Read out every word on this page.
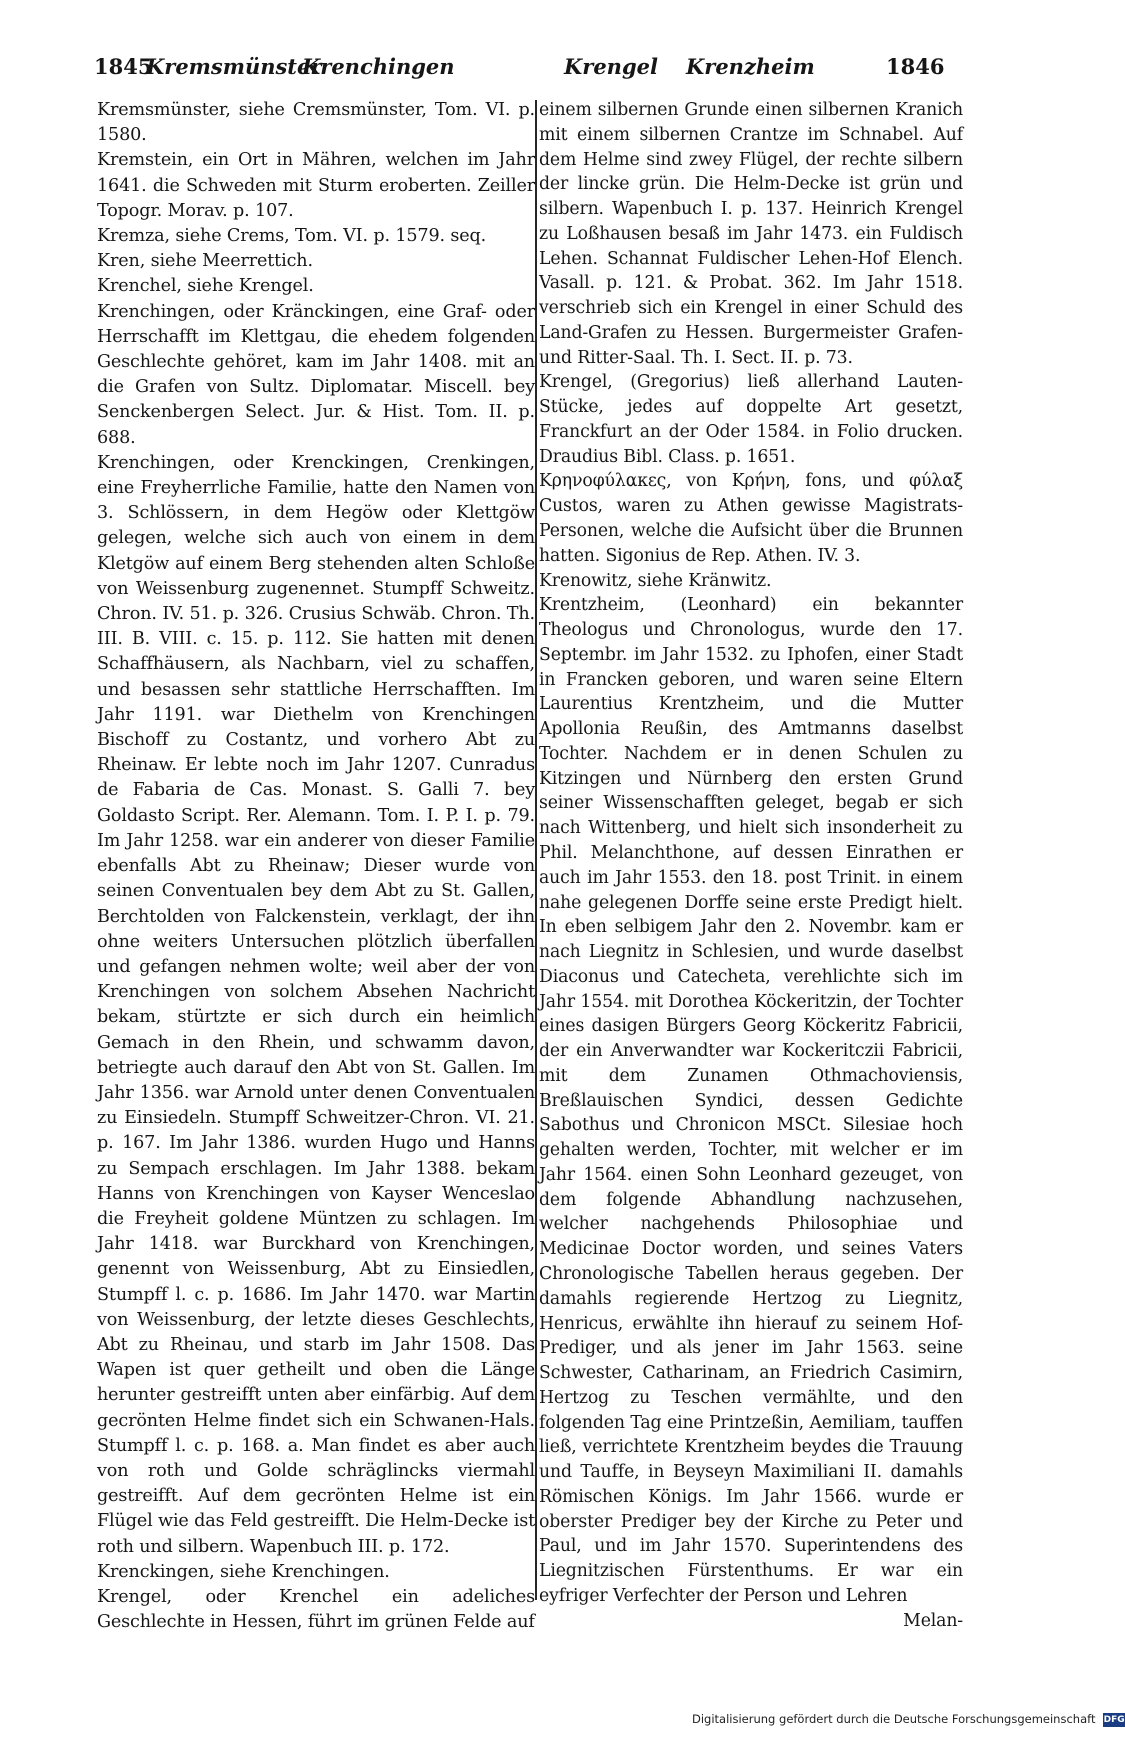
1845
Kremsmünster
Krenchingen	Krengel Krenzheim	1846

Kremsmünster, siehe Cremsmünster, Tom. VI. p. 1580.

Kremstein, ein Ort in Mähren, welchen im Jahr 1641. die Schweden mit Sturm eroberten. Zeiller Topogr. Morav. p. 107.

Kremza, siehe Crems, Tom. VI. p. 1579. seq.

Kren, siehe Meerrettich.

Krenchel, siehe Krengel.

Krenchingen, oder Kränckingen, eine Graf- oder Herrschafft im Klettgau, die ehedem folgenden Geschlechte gehöret, kam im Jahr 1408. mit an die Grafen von Sultz. Diplomatar. Miscell. bey Senckenbergen Select. Jur. & Hist. Tom. II. p. 688.

Krenchingen, oder Krenckingen, Crenkingen, eine Freyherrliche Familie, hatte den Namen von 3. Schlössern, in dem Hegöw oder Klettgöw gelegen, welche sich auch von einem in dem Kletgöw auf einem Berg stehenden alten Schloße von Weissenburg zugenennet. Stumpff Schweitz. Chron. IV. 51. p. 326. Crusius Schwäb. Chron. Th. III. B. VIII. c. 15. p. 112. Sie hatten mit denen Schaffhäusern, als Nachbarn, viel zu schaffen, und besassen sehr stattliche Herrschafften. Im Jahr 1191. war Diethelm von Krenchingen Bischoff zu Costantz, und vorhero Abt zu Rheinaw. Er lebte noch im Jahr 1207. Cunradus de Fabaria de Cas. Monast. S. Galli 7. bey Goldasto Script. Rer. Alemann. Tom. I. P. I. p. 79. Im Jahr 1258. war ein anderer von dieser Familie ebenfalls Abt zu Rheinaw; Dieser wurde von seinen Conventualen bey dem Abt zu St. Gallen, Berchtolden von Falckenstein, verklagt, der ihn ohne weiters Untersuchen plötzlich überfallen und gefangen nehmen wolte; weil aber der von Krenchingen von solchem Absehen Nachricht bekam, stürtzte er sich durch ein heimlich Gemach in den Rhein, und schwamm davon, betriegte auch darauf den Abt von St. Gallen. Im Jahr 1356. war Arnold unter denen Conventualen zu Einsiedeln. Stumpff Schweitzer-Chron. VI. 21. p. 167. Im Jahr 1386. wurden Hugo und Hanns zu Sempach erschlagen. Im Jahr 1388. bekam Hanns von Krenchingen von Kayser Wenceslao die Freyheit goldene Müntzen zu schlagen. Im Jahr 1418. war Burckhard von Krenchingen, genennt von Weissenburg, Abt zu Einsiedlen, Stumpff l. c. p. 1686. Im Jahr 1470. war Martin von Weissenburg, der letzte dieses Geschlechts, Abt zu Rheinau, und starb im Jahr 1508. Das Wapen ist quer getheilt und oben die Länge herunter gestreifft unten aber einfärbig. Auf dem gecrönten Helme findet sich ein Schwanen-Hals. Stumpff l. c. p. 168. a. Man findet es aber auch von roth und Golde schräglincks viermahl gestreifft. Auf dem gecrönten Helme ist ein Flügel wie das Feld gestreifft. Die Helm-Decke ist roth und silbern. Wapenbuch III. p. 172.

Krenckingen, siehe Krenchingen.

Krengel, oder Krenchel ein adeliches Geschlechte in Hessen, führt im grünen Felde auf

einem silbernen Grunde einen silbernen Kranich mit einem silbernen Crantze im Schnabel. Auf dem Helme sind zwey Flügel, der rechte silbern der lincke grün. Die Helm-Decke ist grün und silbern. Wapenbuch I. p. 137. Heinrich Krengel zu Loßhausen besaß im Jahr 1473. ein Fuldisch Lehen. Schannat Fuldischer Lehen-Hof Elench. Vasall. p. 121. & Probat. 362. Im Jahr 1518. verschrieb sich ein Krengel in einer Schuld des Land-Grafen zu Hessen. Burgermeister Grafen- und Ritter-Saal. Th. I. Sect. II. p. 73.

Krengel, (Gregorius) ließ allerhand Lauten-Stücke, jedes auf doppelte Art gesetzt, Franckfurt an der Oder 1584. in Folio drucken. Draudius Bibl. Class. p. 1651.

Κρηνοφύλακες, von Κρήνη, fons, und φύλαξ Custos, waren zu Athen gewisse Magistrats-Personen, welche die Aufsicht über die Brunnen hatten. Sigonius de Rep. Athen. IV. 3.

Krenowitz, siehe Kränwitz.

Krentzheim, (Leonhard) ein bekannter Theologus und Chronologus, wurde den 17. Septembr. im Jahr 1532. zu Iphofen, einer Stadt in Francken geboren, und waren seine Eltern Laurentius Krentzheim, und die Mutter Apollonia Reußin, des Amtmanns daselbst Tochter. Nachdem er in denen Schulen zu Kitzingen und Nürnberg den ersten Grund seiner Wissenschafften geleget, begab er sich nach Wittenberg, und hielt sich insonderheit zu Phil. Melanchthone, auf dessen Einrathen er auch im Jahr 1553. den 18. post Trinit. in einem nahe gelegenen Dorffe seine erste Predigt hielt. In eben selbigem Jahr den 2. Novembr. kam er nach Liegnitz in Schlesien, und wurde daselbst Diaconus und Catecheta, verehlichte sich im Jahr 1554. mit Dorothea Köckeritzin, der Tochter eines dasigen Bürgers Georg Köckeritz Fabricii, der ein Anverwandter war Kockeritczii Fabricii, mit dem Zunamen Othmachoviensis, Breßlauischen Syndici, dessen Gedichte Sabothus und Chronicon MSCt. Silesiae hoch gehalten werden, Tochter, mit welcher er im Jahr 1564. einen Sohn Leonhard gezeuget, von dem folgende Abhandlung nachzusehen, welcher nachgehends Philosophiae und Medicinae Doctor worden, und seines Vaters Chronologische Tabellen heraus gegeben. Der damahls regierende Hertzog zu Liegnitz, Henricus, erwählte ihn hierauf zu seinem Hof-Prediger, und als jener im Jahr 1563. seine Schwester, Catharinam, an Friedrich Casimirn, Hertzog zu Teschen vermählte, und den folgenden Tag eine Printzeßin, Aemiliam, tauffen ließ, verrichtete Krentzheim beydes die Trauung und Tauffe, in Beyseyn Maximiliani II. damahls Römischen Königs. Im Jahr 1566. wurde er oberster Prediger bey der Kirche zu Peter und Paul, und im Jahr 1570. Superintendens des Liegnitzischen Fürstenthums. Er war ein eyfriger Verfechter der Person und Lehren

Melan-

Digitalisierung gefördert durch die Deutsche Forschungsgemeinschaft DFG
